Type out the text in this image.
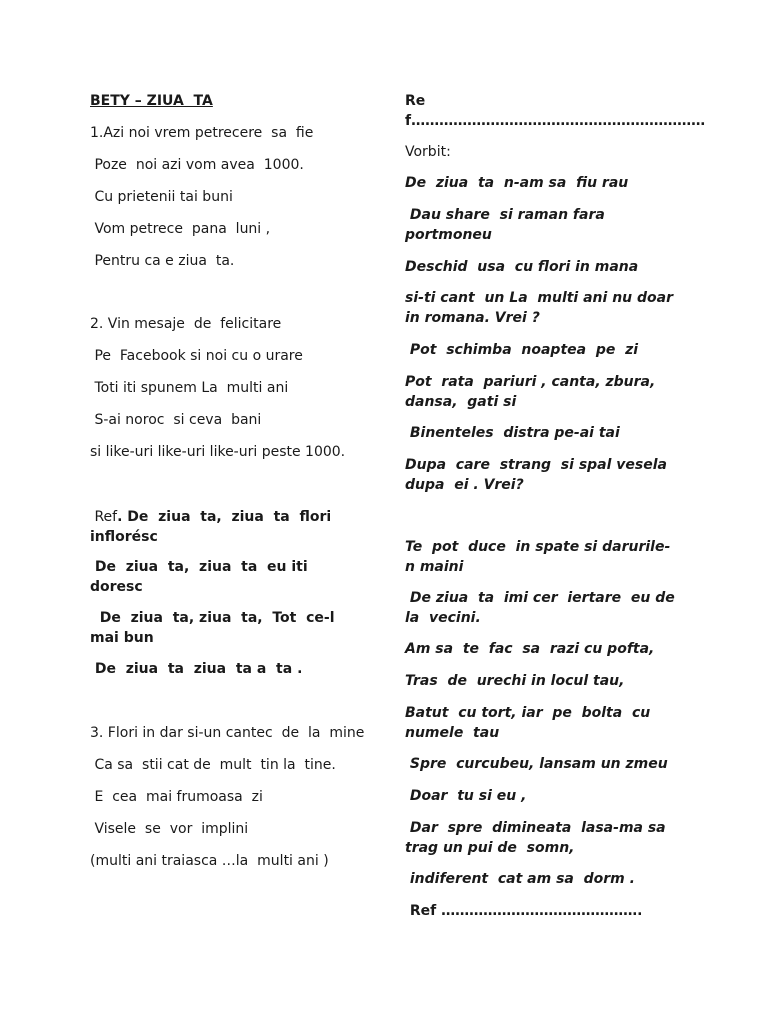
BETY – ZIUA  TA
1.Azi noi vrem petrecere  sa  fie
Poze  noi azi vom avea  1000.
Cu prietenii tai buni
Vom petrece  pana  luni ,
Pentru ca e ziua  ta.
2. Vin mesaje  de  felicitare
Pe  Facebook si noi cu o urare
Toti iti spunem La  multi ani
S-ai noroc  si ceva  bani
si like-uri like-uri like-uri peste 1000.
Ref. De  ziua  ta,  ziua  ta  flori inflorésc
De  ziua  ta,  ziua  ta  eu iti doresc
De  ziua  ta, ziua  ta,  Tot  ce-l mai bun
De  ziua  ta  ziua  ta a  ta .
3. Flori in dar si-un cantec  de  la  mine
Ca sa  stii cat de  mult  tin la  tine.
E  cea  mai frumoasa  zi
Visele  se  vor  implini
(multi ani traiasca …la  multi ani )
Ref………………………………………………………
Vorbit:
De  ziua  ta  n-am sa  fiu rau
Dau share  si raman fara portmoneu
Deschid  usa  cu flori in mana
si-ti cant  un La  multi ani nu doar in romana. Vrei ?
Pot  schimba  noaptea  pe  zi
Pot  rata  pariuri , canta, zbura, dansa,  gati si
Binenteles  distra pe-ai tai
Dupa  care  strang  si spal vesela dupa  ei . Vrei?
Te  pot  duce  in spate si darurile-n maini
De ziua  ta  imi cer  iertare  eu de la  vecini.
Am sa  te  fac  sa  razi cu pofta,
Tras  de  urechi in locul tau,
Batut  cu tort, iar  pe  bolta  cu numele  tau
Spre  curcubeu, lansam un zmeu
Doar  tu si eu ,
Dar  spre  dimineata  lasa-ma sa trag un pui de  somn,
indiferent  cat am sa  dorm .
Ref …………………………………….
